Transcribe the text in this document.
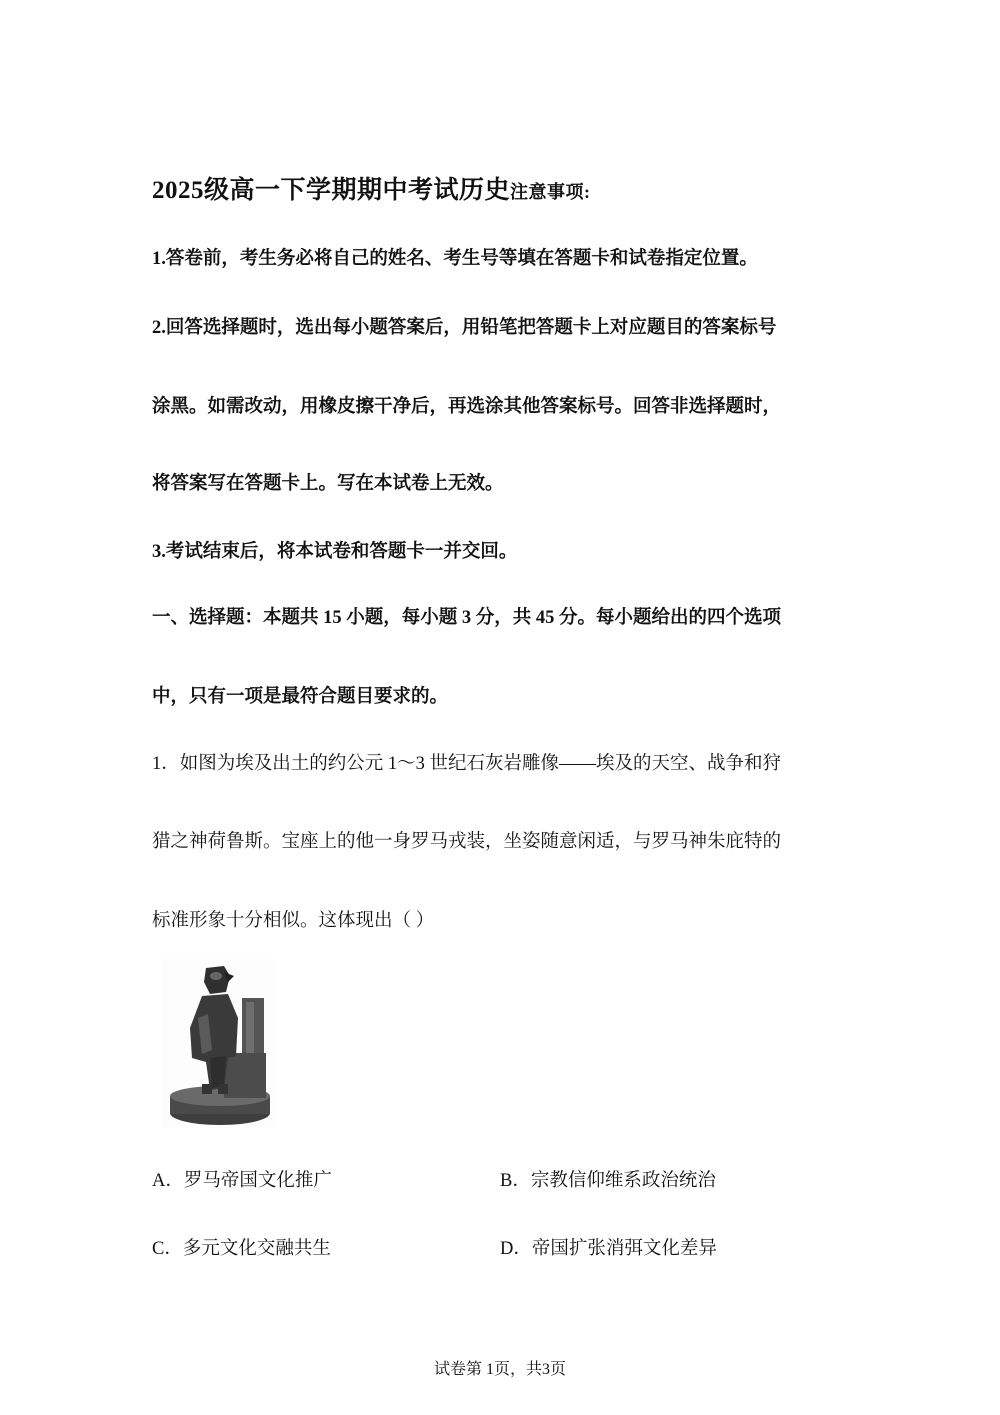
2025级高一下学期期中考试历史注意事项:
1.答卷前，考生务必将自己的姓名、考生号等填在答题卡和试卷指定位置。
2.回答选择题时，选出每小题答案后，用铅笔把答题卡上对应题目的答案标号
涂黑。如需改动，用橡皮擦干净后，再选涂其他答案标号。回答非选择题时，
将答案写在答题卡上。写在本试卷上无效。
3.考试结束后，将本试卷和答题卡一并交回。
一、选择题：本题共 15 小题，每小题 3 分，共 45 分。每小题给出的四个选项
中，只有一项是最符合题目要求的。
1．如图为埃及出土的约公元 1～3 世纪石灰岩雕像——埃及的天空、战争和狩
猎之神荷鲁斯。宝座上的他一身罗马戎装，坐姿随意闲适，与罗马神朱庇特的
标准形象十分相似。这体现出（ ）
A．罗马帝国文化推广	B．宗教信仰维系政治统治
C．多元文化交融共生	D．帝国扩张消弭文化差异
试卷第 1页，共3页
